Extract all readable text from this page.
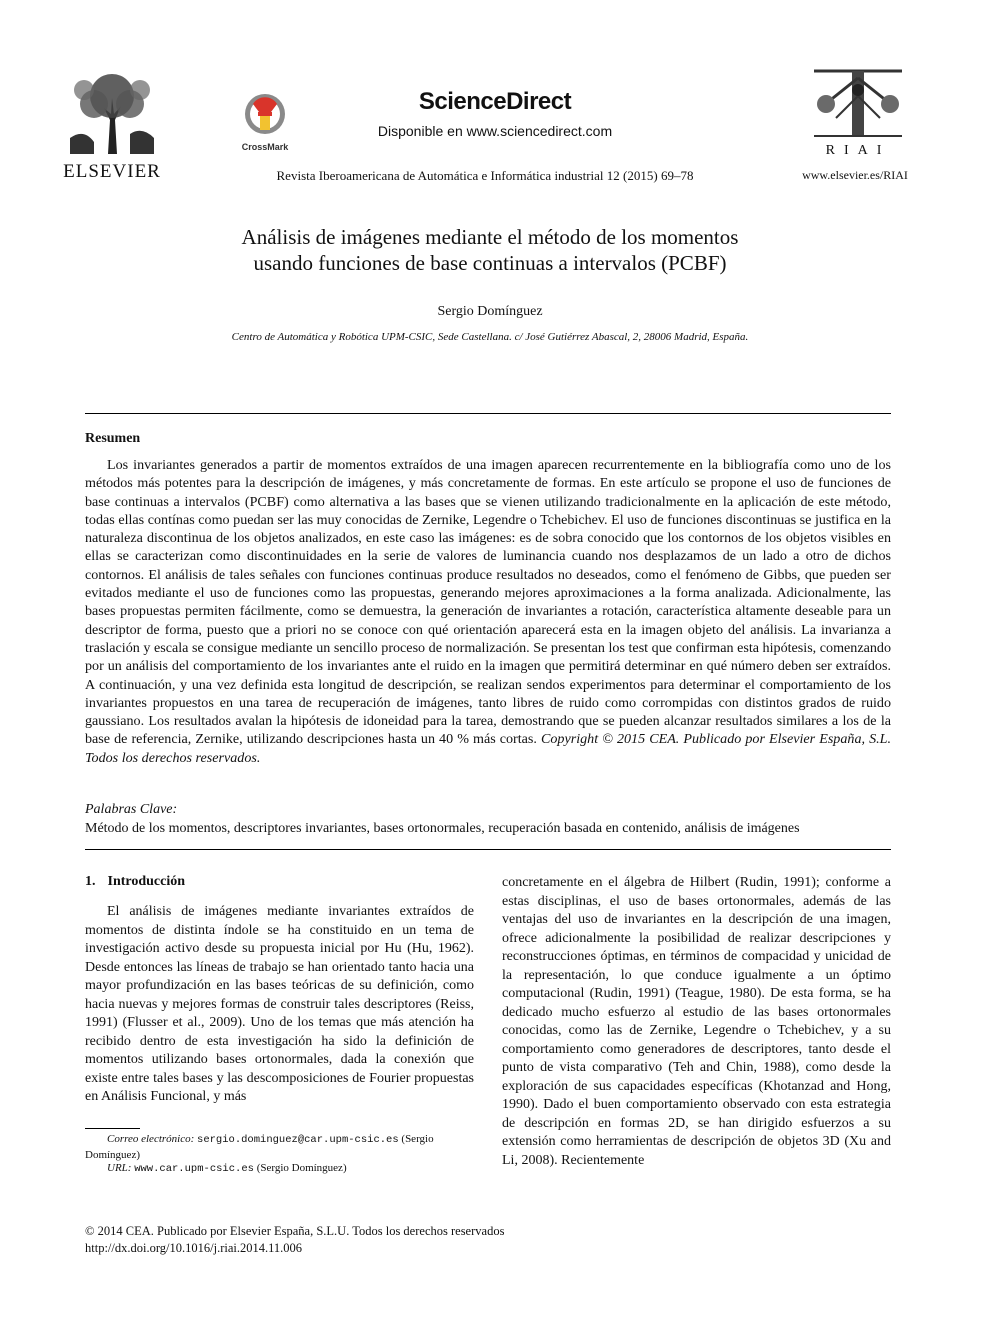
ELSEVIER
CrossMark
ScienceDirect
Disponible en www.sciencedirect.com
Revista Iberoamericana de Automática e Informática industrial 12 (2015) 69–78
RIAI
www.elsevier.es/RIAI
Análisis de imágenes mediante el método de los momentos
usando funciones de base continuas a intervalos (PCBF)
Sergio Domínguez
Centro de Automática y Robótica UPM-CSIC, Sede Castellana. c/ José Gutiérrez Abascal, 2, 28006 Madrid, España.
Resumen
Los invariantes generados a partir de momentos extraídos de una imagen aparecen recurrentemente en la bibliografía como uno de los métodos más potentes para la descripción de imágenes, y más concretamente de formas. En este artículo se propone el uso de funciones de base continuas a intervalos (PCBF) como alternativa a las bases que se vienen utilizando tradicionalmente en la aplicación de este método, todas ellas contínas como puedan ser las muy conocidas de Zernike, Legendre o Tchebichev. El uso de funciones discontinuas se justifica en la naturaleza discontinua de los objetos analizados, en este caso las imágenes: es de sobra conocido que los contornos de los objetos visibles en ellas se caracterizan como discontinuidades en la serie de valores de luminancia cuando nos desplazamos de un lado a otro de dichos contornos. El análisis de tales señales con funciones continuas produce resultados no deseados, como el fenómeno de Gibbs, que pueden ser evitados mediante el uso de funciones como las propuestas, generando mejores aproximaciones a la forma analizada. Adicionalmente, las bases propuestas permiten fácilmente, como se demuestra, la generación de invariantes a rotación, característica altamente deseable para un descriptor de forma, puesto que a priori no se conoce con qué orientación aparecerá esta en la imagen objeto del análisis. La invarianza a traslación y escala se consigue mediante un sencillo proceso de normalización. Se presentan los test que confirman esta hipótesis, comenzando por un análisis del comportamiento de los invariantes ante el ruido en la imagen que permitirá determinar en qué número deben ser extraídos. A continuación, y una vez definida esta longitud de descripción, se realizan sendos experimentos para determinar el comportamiento de los invariantes propuestos en una tarea de recuperación de imágenes, tanto libres de ruido como corrompidas con distintos grados de ruido gaussiano. Los resultados avalan la hipótesis de idoneidad para la tarea, demostrando que se pueden alcanzar resultados similares a los de la base de referencia, Zernike, utilizando descripciones hasta un 40 % más cortas. Copyright © 2015 CEA. Publicado por Elsevier España, S.L. Todos los derechos reservados.
Palabras Clave:
Método de los momentos, descriptores invariantes, bases ortonormales, recuperación basada en contenido, análisis de imágenes
1. Introducción
El análisis de imágenes mediante invariantes extraídos de momentos de distinta índole se ha constituido en un tema de investigación activo desde su propuesta inicial por Hu (Hu, 1962). Desde entonces las líneas de trabajo se han orientado tanto hacia una mayor profundización en las bases teóricas de su definición, como hacia nuevas y mejores formas de construir tales descriptores (Reiss, 1991) (Flusser et al., 2009). Uno de los temas que más atención ha recibido dentro de esta investigación ha sido la definición de momentos utilizando bases ortonormales, dada la conexión que existe entre tales bases y las descomposiciones de Fourier propuestas en Análisis Funcional, y más
concretamente en el álgebra de Hilbert (Rudin, 1991); conforme a estas disciplinas, el uso de bases ortonormales, además de las ventajas del uso de invariantes en la descripción de una imagen, ofrece adicionalmente la posibilidad de realizar descripciones y reconstrucciones óptimas, en términos de compacidad y unicidad de la representación, lo que conduce igualmente a un óptimo computacional (Rudin, 1991) (Teague, 1980). De esta forma, se ha dedicado mucho esfuerzo al estudio de las bases ortonormales conocidas, como las de Zernike, Legendre o Tchebichev, y a su comportamiento como generadores de descriptores, tanto desde el punto de vista comparativo (Teh and Chin, 1988), como desde la exploración de sus capacidades específicas (Khotanzad and Hong, 1990). Dado el buen comportamiento observado con esta estrategia de descripción en formas 2D, se han dirigido esfuerzos a su extensión como herramientas de descripción de objetos 3D (Xu and Li, 2008). Recientemente
Correo electrónico: sergio.dominguez@car.upm-csic.es (Sergio Domínguez)
URL: www.car.upm-csic.es (Sergio Domínguez)
© 2014 CEA. Publicado por Elsevier España, S.L.U. Todos los derechos reservados
http://dx.doi.org/10.1016/j.riai.2014.11.006
